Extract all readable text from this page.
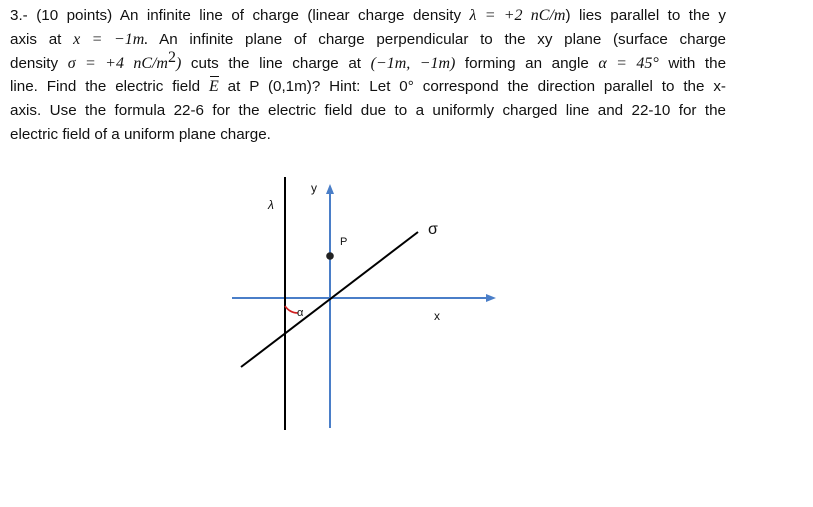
3.- (10 points) An infinite line of charge (linear charge density λ = +2 nC/m) lies parallel to the y
axis at x = −1m. An infinite plane of charge perpendicular to the xy plane (surface charge
density σ = +4 $nC/m^2$) cuts the line charge at (−1m, −1m) forming an angle α = 45° with the
line. Find the electric field E at P (0,1m)? Hint: Let 0° correspond the direction parallel to the x-
axis. Use the formula 22-6 for the electric field due to a uniformly charged line and 22-10 for the
electric field of a uniform plane charge.
y
x
P
λ
σ
α
